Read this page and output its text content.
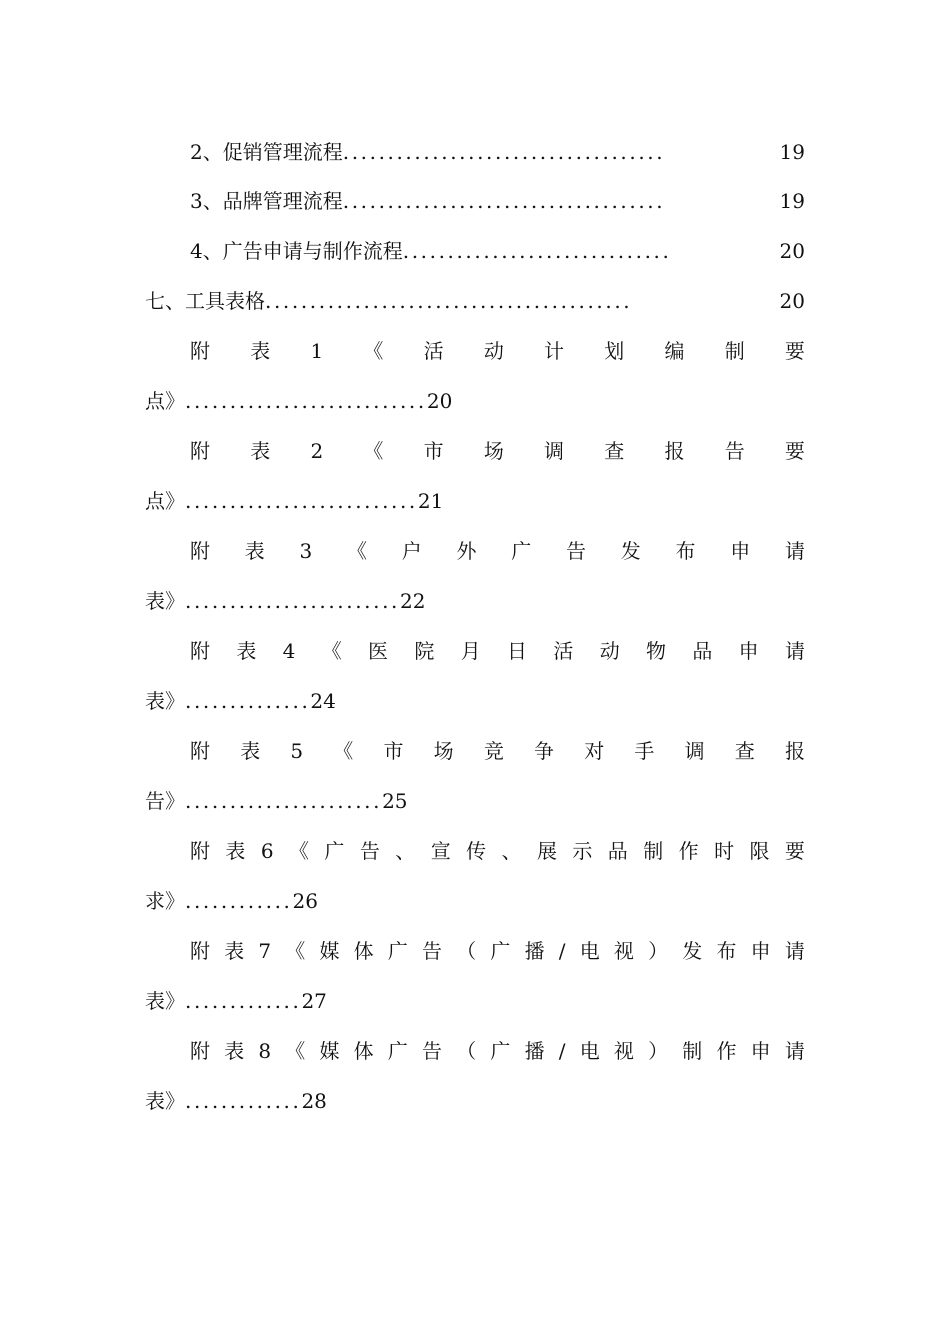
2、促销管理流程 ....................................	19
3、品牌管理流程 ....................................	19
4、广告申请与制作流程 ..............................	20
七、工具表格 .........................................	20
附 表 1 《 活 动 计 划 编 制 要
点》 ........................... 20
附 表 2 《 市 场 调 查 报 告 要
点》 .......................... 21
附 表 3 《 户 外 广 告 发 布 申 请
表》 ........................ 22
附 表 4 《 医 院 月 日 活 动 物 品 申 请
表》 .............. 24
附 表 5 《 市 场 竞 争 对 手 调 查 报
告》 ...................... 25
附 表 6 《 广 告 、 宣 传 、 展 示 品 制 作 时 限 要
求》 ............ 26
附 表 7 《 媒 体 广 告 （ 广 播 / 电 视 ） 发 布 申 请
表》 ............. 27
附 表 8 《 媒 体 广 告 （ 广 播 / 电 视 ） 制 作 申 请
表》 ............. 28
